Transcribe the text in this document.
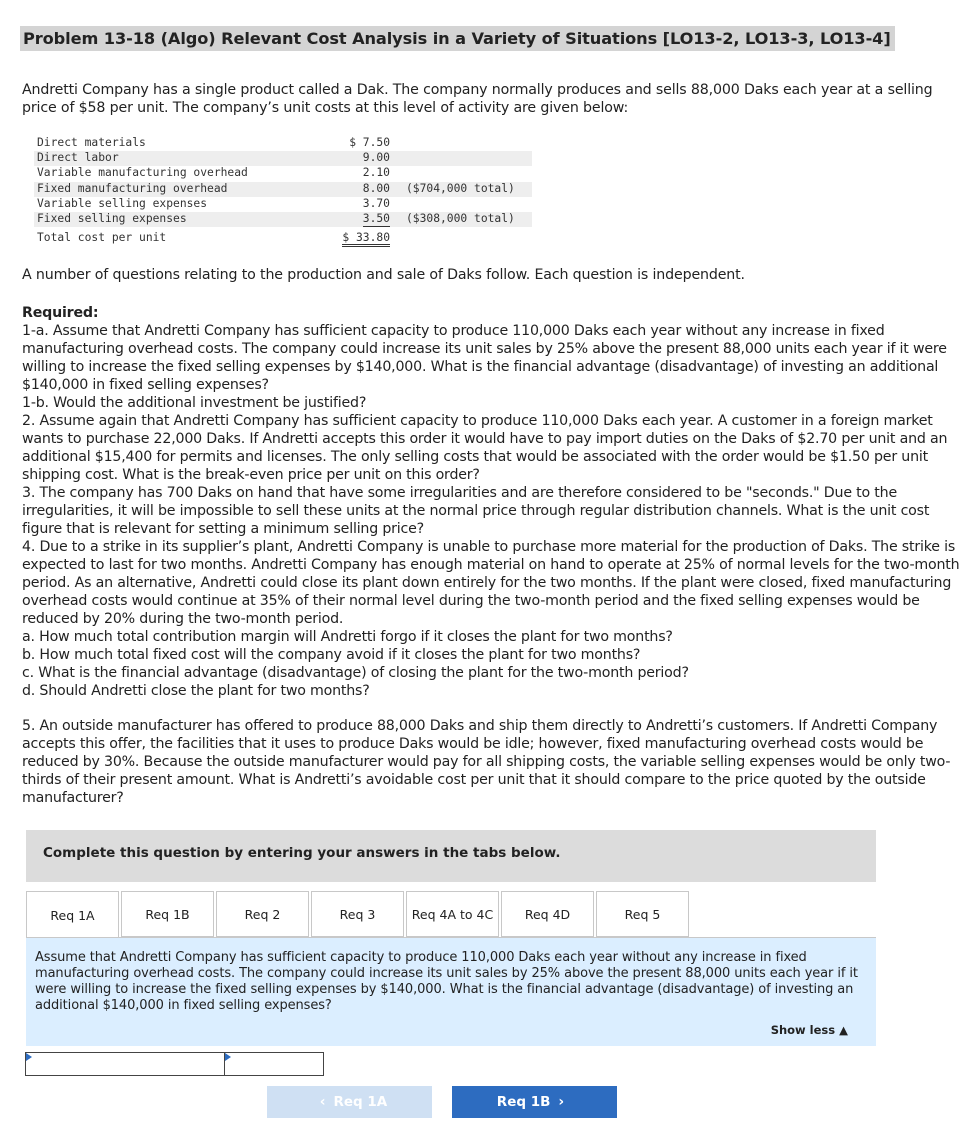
Problem 13-18 (Algo) Relevant Cost Analysis in a Variety of Situations [LO13-2, LO13-3, LO13-4]

Andretti Company has a single product called a Dak. The company normally produces and sells 88,000 Daks each year at a selling price of $58 per unit. The company’s unit costs at this level of activity are given below:

Direct materials	$ 7.50	
Direct labor	9.00	
Variable manufacturing overhead	2.10	
Fixed manufacturing overhead	8.00	($704,000 total)
Variable selling expenses	3.70	
Fixed selling expenses	3.50	($308,000 total)
Total cost per unit	$ 33.80	

A number of questions relating to the production and sale of Daks follow. Each question is independent.

Required:

1-a. Assume that Andretti Company has sufficient capacity to produce 110,000 Daks each year without any increase in fixed manufacturing overhead costs. The company could increase its unit sales by 25% above the present 88,000 units each year if it were willing to increase the fixed selling expenses by $140,000. What is the financial advantage (disadvantage) of investing an additional $140,000 in fixed selling expenses?

1-b. Would the additional investment be justified?

2. Assume again that Andretti Company has sufficient capacity to produce 110,000 Daks each year. A customer in a foreign market wants to purchase 22,000 Daks. If Andretti accepts this order it would have to pay import duties on the Daks of $2.70 per unit and an additional $15,400 for permits and licenses. The only selling costs that would be associated with the order would be $1.50 per unit shipping cost. What is the break-even price per unit on this order?

3. The company has 700 Daks on hand that have some irregularities and are therefore considered to be "seconds." Due to the irregularities, it will be impossible to sell these units at the normal price through regular distribution channels. What is the unit cost figure that is relevant for setting a minimum selling price?

4. Due to a strike in its supplier’s plant, Andretti Company is unable to purchase more material for the production of Daks. The strike is expected to last for two months. Andretti Company has enough material on hand to operate at 25% of normal levels for the two-month period. As an alternative, Andretti could close its plant down entirely for the two months. If the plant were closed, fixed manufacturing overhead costs would continue at 35% of their normal level during the two-month period and the fixed selling expenses would be reduced by 20% during the two-month period.

a. How much total contribution margin will Andretti forgo if it closes the plant for two months?

b. How much total fixed cost will the company avoid if it closes the plant for two months?

c. What is the financial advantage (disadvantage) of closing the plant for the two-month period?

d. Should Andretti close the plant for two months?

5. An outside manufacturer has offered to produce 88,000 Daks and ship them directly to Andretti’s customers. If Andretti Company accepts this offer, the facilities that it uses to produce Daks would be idle; however, fixed manufacturing overhead costs would be reduced by 30%. Because the outside manufacturer would pay for all shipping costs, the variable selling expenses would be only two-thirds of their present amount. What is Andretti’s avoidable cost per unit that it should compare to the price quoted by the outside manufacturer?

Complete this question by entering your answers in the tabs below.
Req 1A	Req 1B	Req 2	Req 3	Req 4A to 4C	Req 4D	Req 5

Assume that Andretti Company has sufficient capacity to produce 110,000 Daks each year without any increase in fixed manufacturing overhead costs. The company could increase its unit sales by 25% above the present 88,000 units each year if it were willing to increase the fixed selling expenses by $140,000. What is the financial advantage (disadvantage) of investing an additional $140,000 in fixed selling expenses?

Show less ▲
‹ Req 1A	Req 1B ›
